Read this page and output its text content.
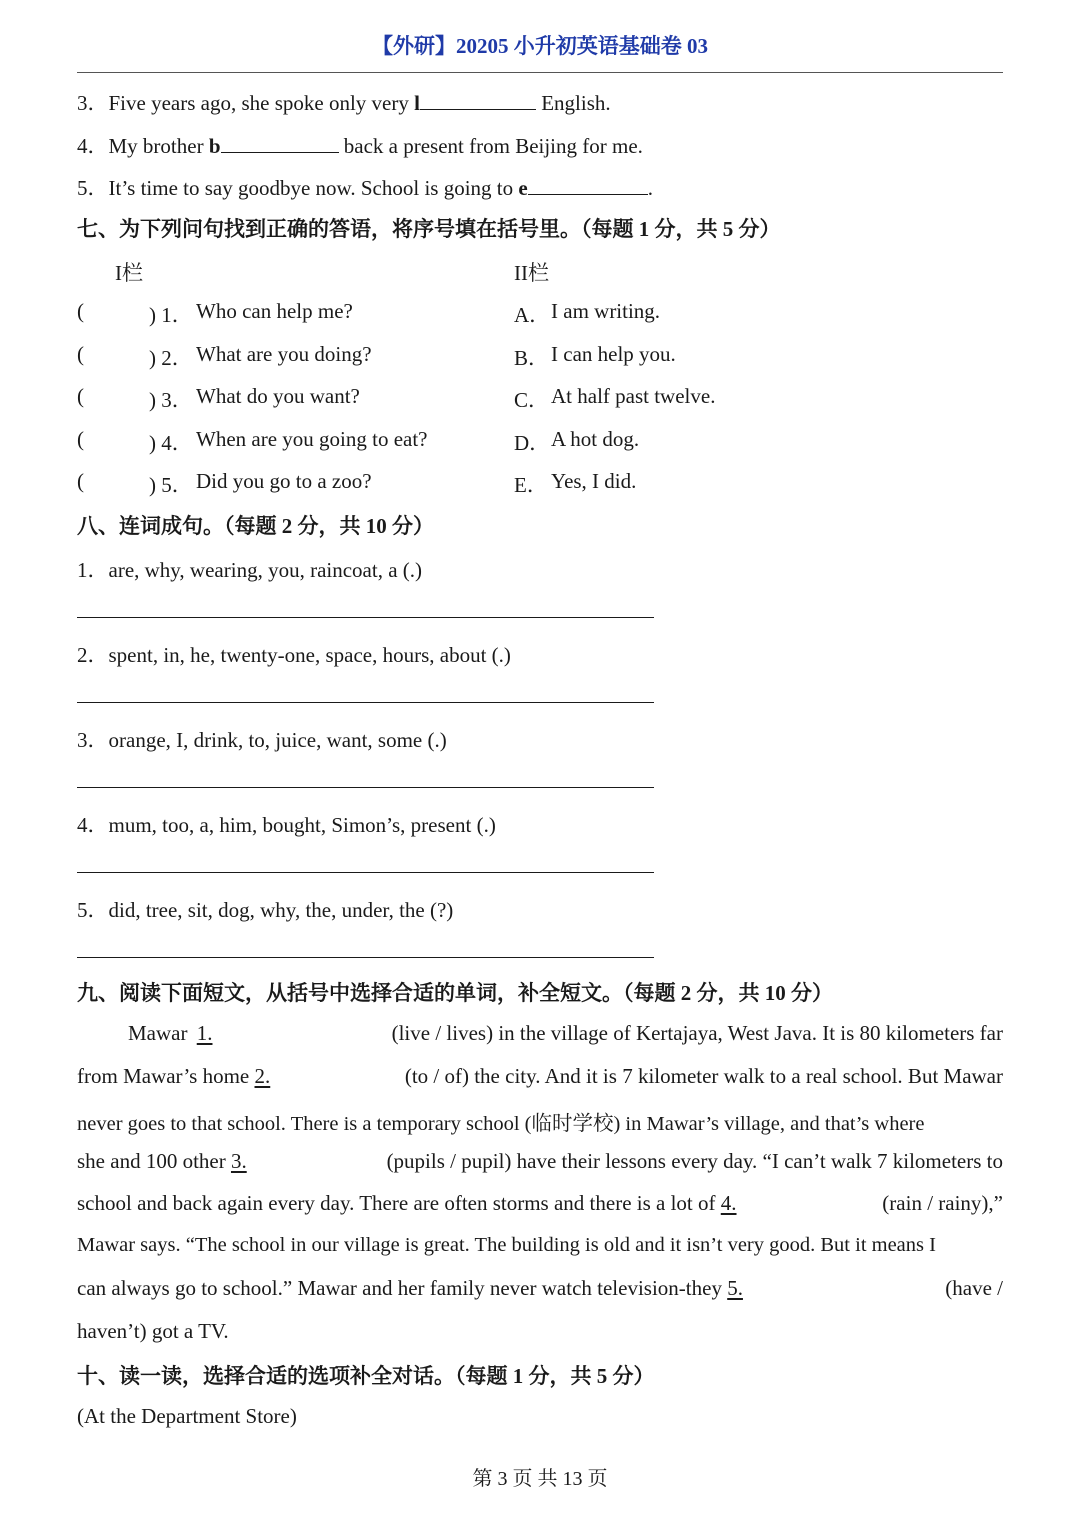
【外研】20205 小升初英语基础卷 03
3．Five years ago, she spoke only very l	English.
4．My brother b	back a present from Beijing for me.
5．It’s time to say goodbye now. School is going to e	.
七、为下列问句找到正确的答语，将序号填在括号里。（每题 1 分，共 5 分）
I栏	II栏
(	) 1． Who can help me?	A． I am writing.
(	) 2． What are you doing?	B． I can help you.
(	) 3． What do you want?	C． At half past twelve.
(	) 4． When are you going to eat?	D． A hot dog.
(	) 5． Did you go to a zoo?	E． Yes, I did.
八、连词成句。（每题 2 分，共 10 分）
1．are, why, wearing, you, raincoat, a (.)
2．spent, in, he, twenty-one, space, hours, about (.)
3．orange, I, drink, to, juice, want, some (.)
4．mum, too, a, him, bought, Simon’s, present (.)
5．did, tree, sit, dog, why, the, under, the (?)
九、阅读下面短文，从括号中选择合适的单词，补全短文。（每题 2 分，共 10 分）
Mawar 1.	(live / lives) in the village of Kertajaya, West Java. It is 80 kilometers far
from Mawar’s home 2.	(to / of) the city. And it is 7 kilometer walk to a real school. But Mawar
never goes to that school. There is a temporary school (临时学校) in Mawar’s village, and that’s where
she and 100 other 3.	(pupils / pupil) have their lessons every day. “I can’t walk 7 kilometers to
school and back again every day. There are often storms and there is a lot of 4.	(rain / rainy),”
Mawar says. “The school in our village is great. The building is old and it isn’t very good. But it means I
can always go to school.” Mawar and her family never watch television-they 5.	(have /
haven’t) got a TV.
十、读一读，选择合适的选项补全对话。（每题 1 分，共 5 分）
(At the Department Store)
第 3 页 共 13 页
